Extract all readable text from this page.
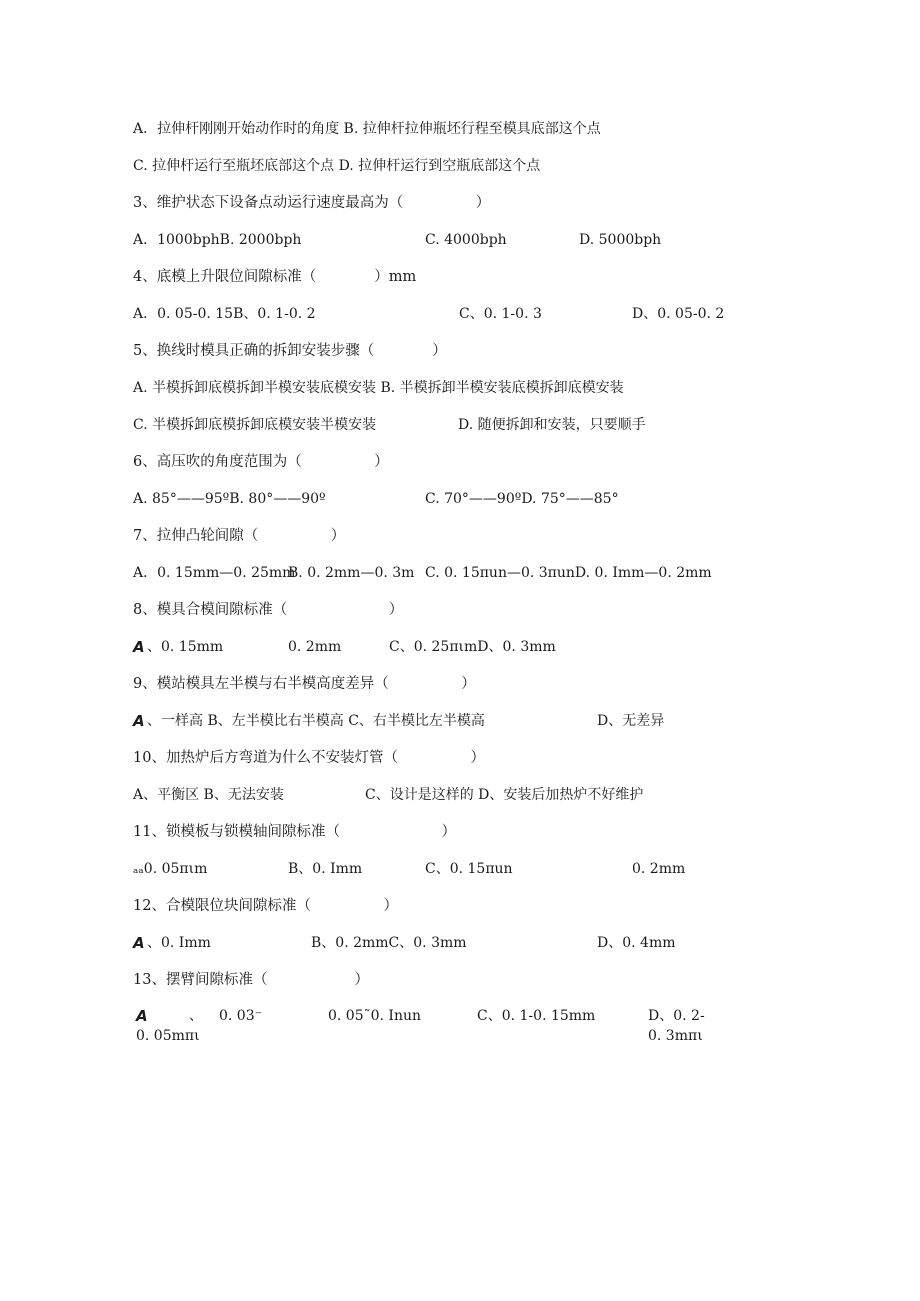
A．拉伸杆刚刚开始动作时的角度 B. 拉伸杆拉伸瓶坯行程至模具底部这个点

C. 拉伸杆运行至瓶坯底部这个点 D. 拉伸杆运行到空瓶底部这个点

3、维护状态下设备点动运行速度最高为（　　　　　）

A．1000bphB. 2000bph	C. 4000bph	D. 5000bph

4、底模上升限位间隙标准（　　　　）mm

A．0. 05-0. 15B、0. 1-0. 2	C、0. 1-0. 3	D、0. 05-0. 2

5、换线时模具正确的拆卸安装步骤（　　　　）

A. 半模拆卸底模拆卸半模安装底模安装 B. 半模拆卸半模安装底模拆卸底模安装

C. 半模拆卸底模拆卸底模安装半模安装	D. 随便拆卸和安装，只要顺手

6、高压吹的角度范围为（　　　　　）

A. 85°——95ºB. 80°——90º	C. 70°——90ºD. 75°——85°

7、拉伸凸轮间隙（　　　　　）

A．0. 15mm—0. 25mm
B. 0. 2mm—0. 3m C. 0. 15πun—0. 3πunD. 0. Imm—0. 2mm

8、模具合模间隙标准（　　　　　　　）

A 、0. 15mm	0. 2mm	C、0. 25πιmD、0. 3mm

9、模站模具左半模与右半模高度差异（　　　　　）

A 、一样高 B、左半模比右半模高 C、右半模比左半模高	D、无差异

10、加热炉后方弯道为什么不安装灯管（　　　　　）

A、平衡区 B、无法安装	C、设计是这样的 D、安装后加热炉不好维护

11、锁模板与锁模轴间隙标准（　　　　　　　）

ₐₐ0. 05πιm	B、0. Imm	C、0. 15πun	0. 2mm

12、合模限位块间隙标准（　　　　　）

A 、0. Imm	B、0. 2mmC、0. 3mm	D、0. 4mm

13、摆臂间隙标准（　　　　　　）

A	、 0. 03⁻	0. 05˜0. Inun	C、0. 1-0. 15mm	D、0. 2-
0. 05mπι	0. 3mπι
